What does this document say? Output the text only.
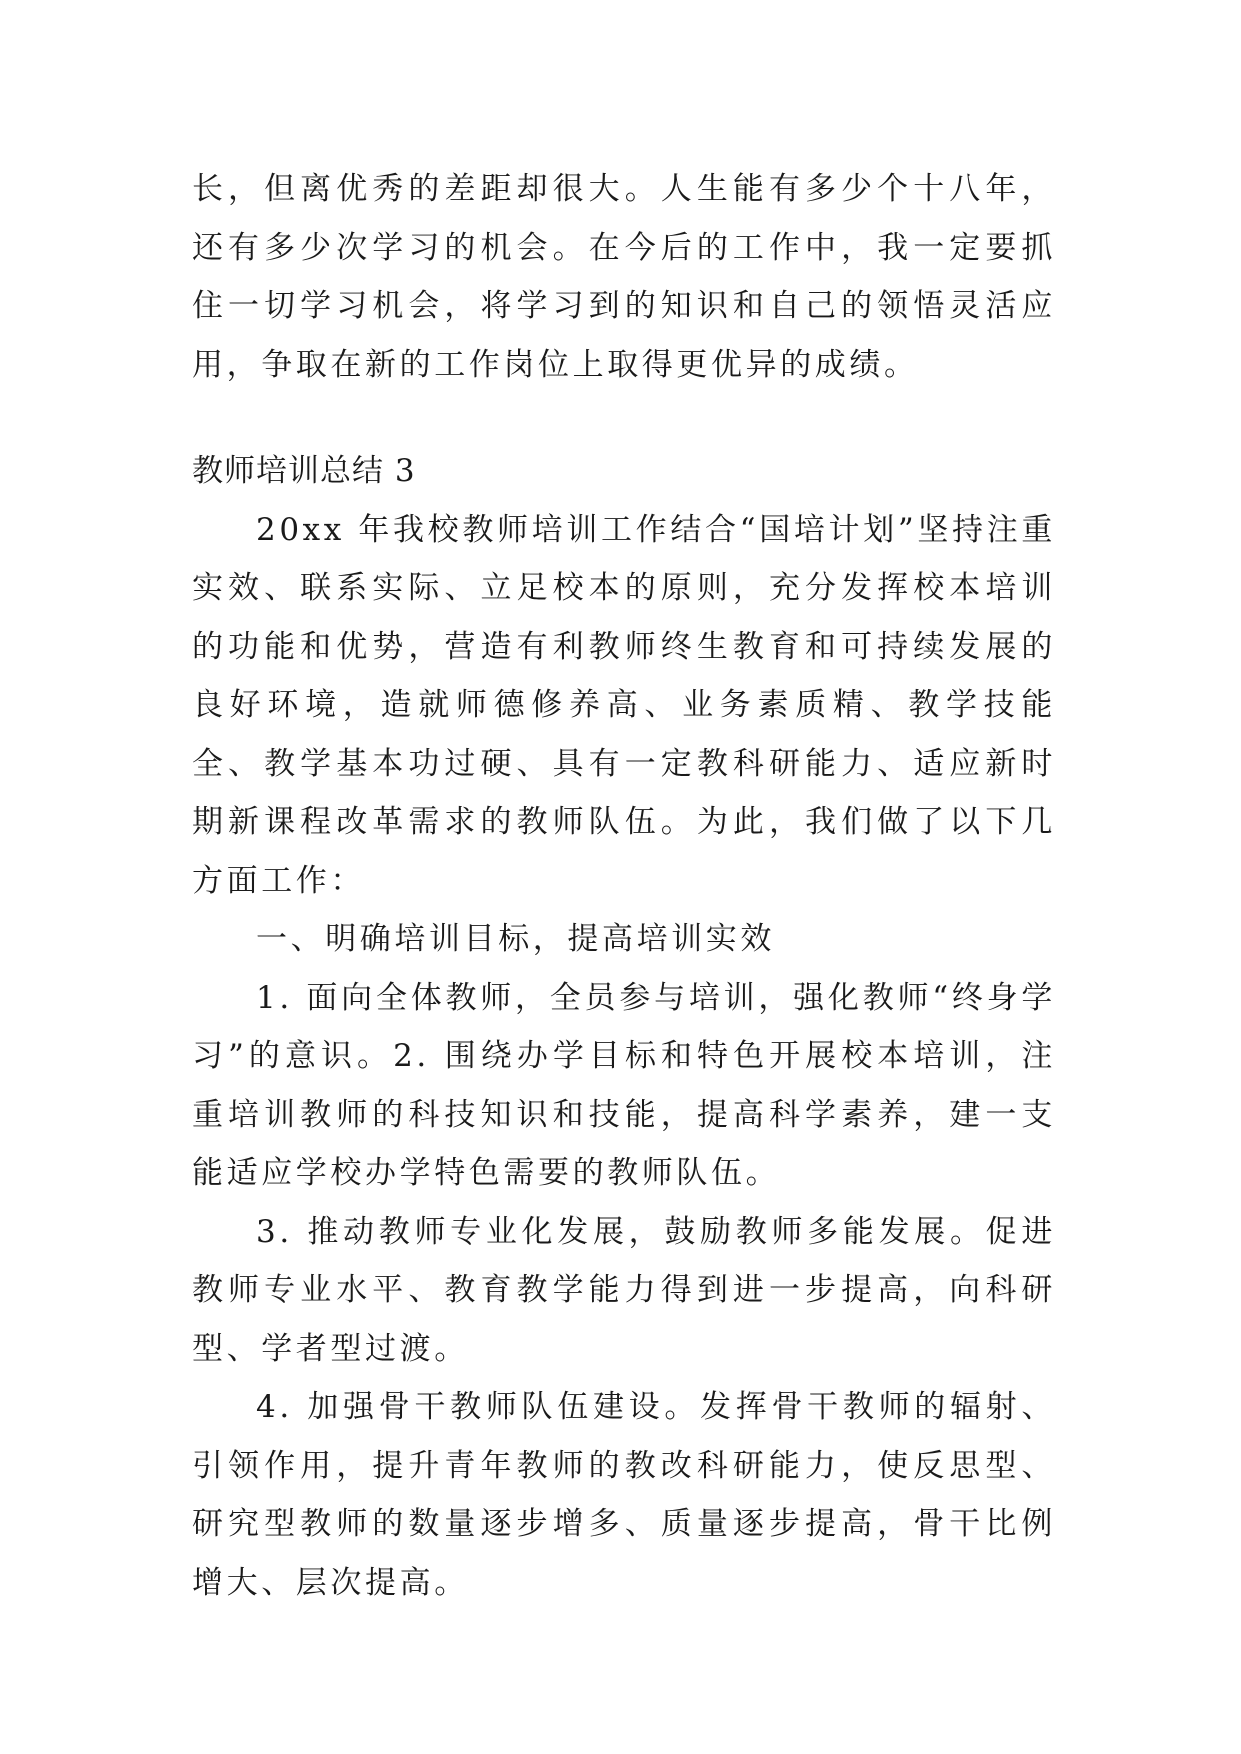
长，但离优秀的差距却很大。人生能有多少个十八年，还有多少次学习的机会。在今后的工作中，我一定要抓住一切学习机会，将学习到的知识和自己的领悟灵活应用，争取在新的工作岗位上取得更优异的成绩。

教师培训总结 3

20xx 年我校教师培训工作结合“国培计划”坚持注重实效、联系实际、立足校本的原则，充分发挥校本培训的功能和优势，营造有利教师终生教育和可持续发展的良好环境，造就师德修养高、业务素质精、教学技能全、教学基本功过硬、具有一定教科研能力、适应新时期新课程改革需求的教师队伍。为此，我们做了以下几方面工作：

一、明确培训目标，提高培训实效

1. 面向全体教师，全员参与培训，强化教师“终身学习”的意识。2. 围绕办学目标和特色开展校本培训，注重培训教师的科技知识和技能，提高科学素养，建一支能适应学校办学特色需要的教师队伍。

3. 推动教师专业化发展，鼓励教师多能发展。促进教师专业水平、教育教学能力得到进一步提高，向科研型、学者型过渡。

4. 加强骨干教师队伍建设。发挥骨干教师的辐射、引领作用，提升青年教师的教改科研能力，使反思型、研究型教师的数量逐步增多、质量逐步提高，骨干比例增大、层次提高。
